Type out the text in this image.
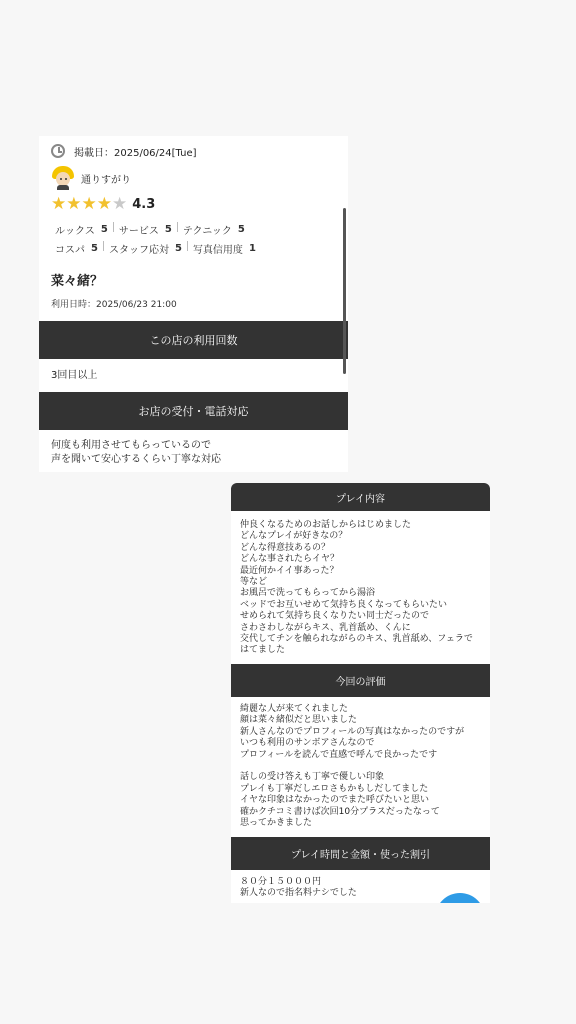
掲載日：2025/06/24[Tue]
通りすがり
★ ★ ★ ★ ★ 4.3
ルックス 5 サービス 5 テクニック 5
コスパ 5 スタッフ応対 5 写真信用度 1
菜々緒？
利用日時：2025/06/23 21:00
この店の利用回数
3回目以上
お店の受付・電話対応
何度も利用させてもらっているので
声を聞いて安心するくらい丁寧な対応
プレイ内容
仲良くなるためのお話しからはじめました
どんなプレイが好きなの？
どんな得意技あるの？
どんな事されたらイヤ？
最近何かイイ事あった？
等など
お風呂で洗ってもらってから湯浴
ベッドでお互いせめて気持ち良くなってもらいたい
せめられて気持ち良くなりたい同士だったので
さわさわしながらキス、乳首舐め、くんに
交代してチンを触られながらのキス、乳首舐め、フェラで
はてました
今回の評価
綺麗な人が来てくれました
顔は菜々緒似だと思いました
新人さんなのでプロフィールの写真はなかったのですが
いつも利用のサンボアさんなので
プロフィールを読んで直感で呼んで良かったです

話しの受け答えも丁寧で優しい印象
プレイも丁寧だしエロさもかもしだしてました
イヤな印象はなかったのでまた呼びたいと思い
確かクチコミ書けば次回10分プラスだったなって
思ってかきました
プレイ時間と金額・使った割引
８０分１５０００円
新人なので指名料ナシでした
